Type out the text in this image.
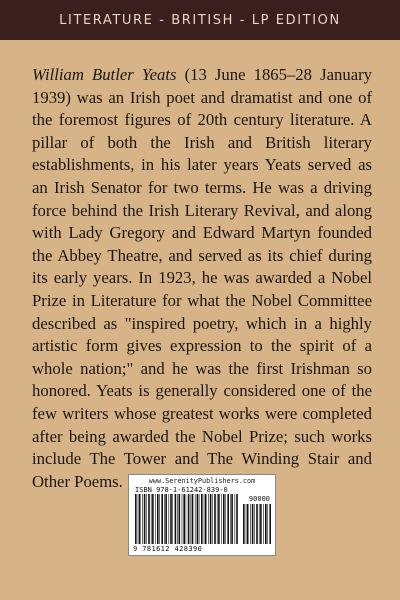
LITERATURE - BRITISH - LP EDITION

William Butler Yeats (13 June 1865–28 January 1939) was an Irish poet and dramatist and one of the foremost figures of 20th century literature. A pillar of both the Irish and British literary establishments, in his later years Yeats served as an Irish Senator for two terms. He was a driving force behind the Irish Literary Revival, and along with Lady Gregory and Edward Martyn founded the Abbey Theatre, and served as its chief during its early years. In 1923, he was awarded a Nobel Prize in Literature for what the Nobel Committee described as "inspired poetry, which in a highly artistic form gives expression to the spirit of a whole nation;" and he was the first Irishman so honored. Yeats is generally considered one of the few writers whose greatest works were completed after being awarded the Nobel Prize; such works include The Tower and The Winding Stair and Other Poems.	www.SerenityPublishers.com
ISBN 978-1-61242-839-0
90000
9 781612 428390
